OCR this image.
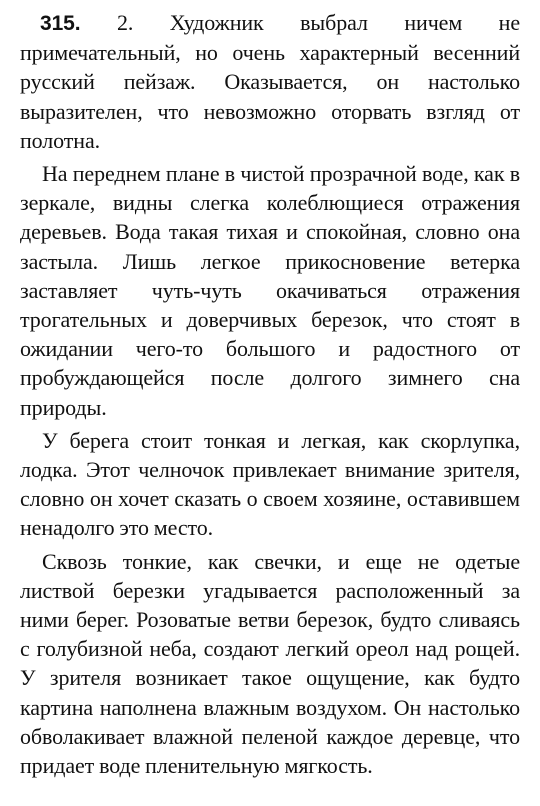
315. 2. Художник выбрал ничем не примечательный, но очень характерный весенний русский пейзаж. Оказывается, он настолько выразителен, что невозможно оторвать взгляд от полотна.

На переднем плане в чистой прозрачной воде, как в зеркале, видны слегка колеблющиеся отражения деревьев. Вода такая тихая и спокойная, словно она застыла. Лишь легкое прикосновение ветерка заставляет чуть-чуть окачиваться отражения трогательных и доверчивых березок, что стоят в ожидании чего-то большого и радостного от пробуждающейся после долгого зимнего сна природы.

У берега стоит тонкая и легкая, как скорлупка, лодка. Этот челночок привлекает внимание зрителя, словно он хочет сказать о своем хозяине, оставившем ненадолго это место.

Сквозь тонкие, как свечки, и еще не одетые листвой березки угадывается расположенный за ними берег. Розоватые ветви березок, будто сливаясь с голубизной неба, создают легкий ореол над рощей. У зрителя возникает такое ощущение, как будто картина наполнена влажным воздухом. Он настолько обволакивает влажной пеленой каждое деревце, что придает воде пленительную мягкость.
